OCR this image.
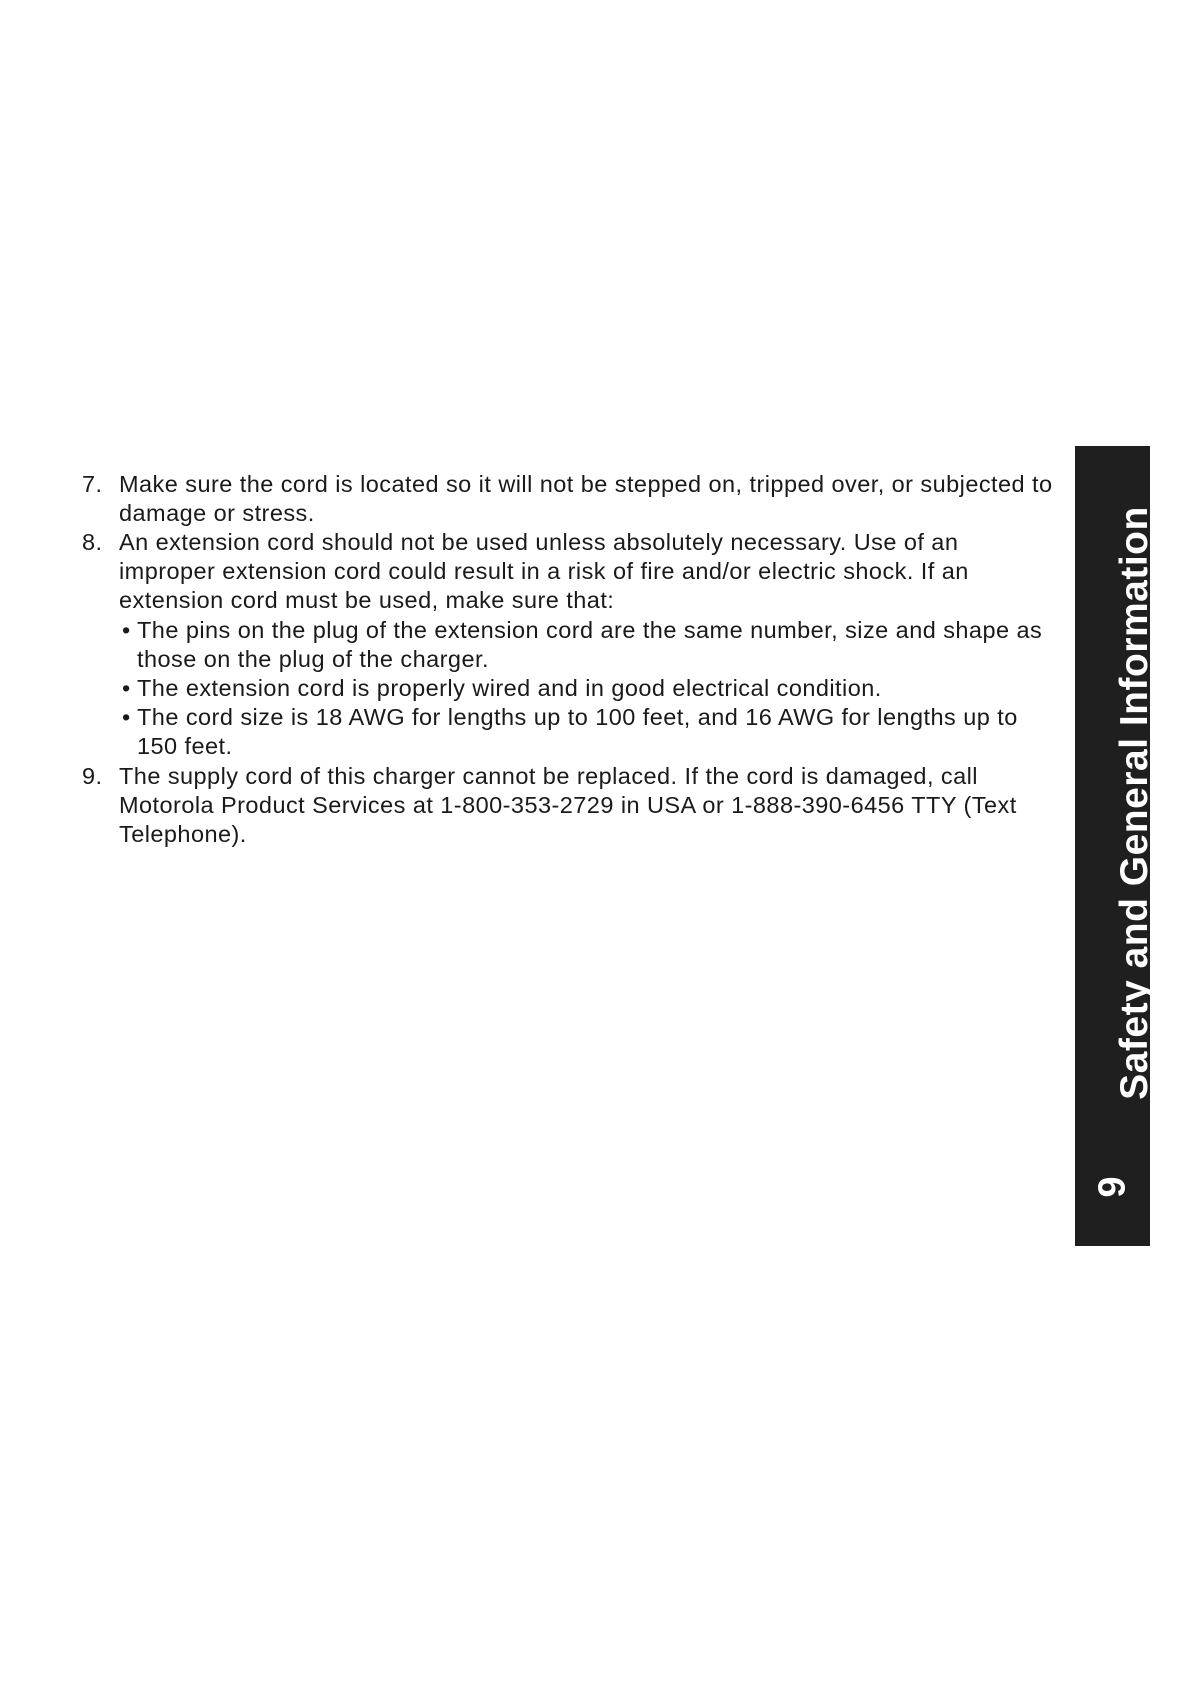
7. Make sure the cord is located so it will not be stepped on, tripped over, or subjected to damage or stress.
8. An extension cord should not be used unless absolutely necessary. Use of an improper extension cord could result in a risk of fire and/or electric shock. If an extension cord must be used, make sure that:
• The pins on the plug of the extension cord are the same number, size and shape as those on the plug of the charger.
• The extension cord is properly wired and in good electrical condition.
• The cord size is 18 AWG for lengths up to 100 feet, and 16 AWG for lengths up to 150 feet.
9. The supply cord of this charger cannot be replaced. If the cord is damaged, call Motorola Product Services at 1-800-353-2729 in USA or 1-888-390-6456 TTY (Text Telephone).	Safety and General Information
9
